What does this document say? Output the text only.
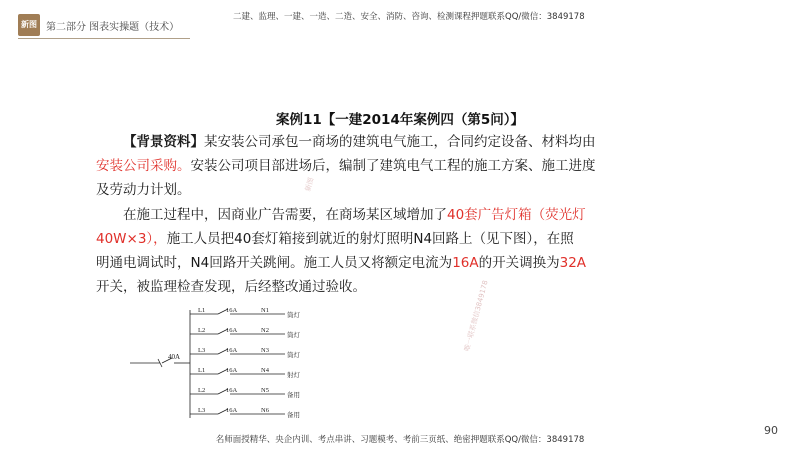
新图 第二部分 图表实操题（技术）
二建、监理、一建、一造、二造、安全、消防、咨询、检测课程押题联系QQ/微信：3849178
案例11【一建2014年案例四（第5问）】
【背景资料】某安装公司承包一商场的建筑电气施工，合同约定设备、材料均由
安装公司采购。安装公司项目部进场后，编制了建筑电气工程的施工方案、施工进度
及劳动力计划。
在施工过程中，因商业广告需要，在商场某区域增加了40套广告灯箱（荧光灯
40W×3），施工人员把40套灯箱接到就近的射灯照明N4回路上（见下图），在照
明通电调试时，N4回路开关跳闸。施工人员又将额定电流为16A的开关调换为32A
开关，被监理检查发现，后经整改通过验收。
新图
唯一联系微信3849178
40A
L1	16A	N1
筒灯
L2	16A	N2
筒灯
L3	16A	N3
筒灯
L1	16A	N4
射灯
L2	16A	N5
备用
L3	16A	N6
备用
名师面授精华、央企内训、考点串讲、习题模考、考前三页纸、绝密押题联系QQ/微信：3849178
90
